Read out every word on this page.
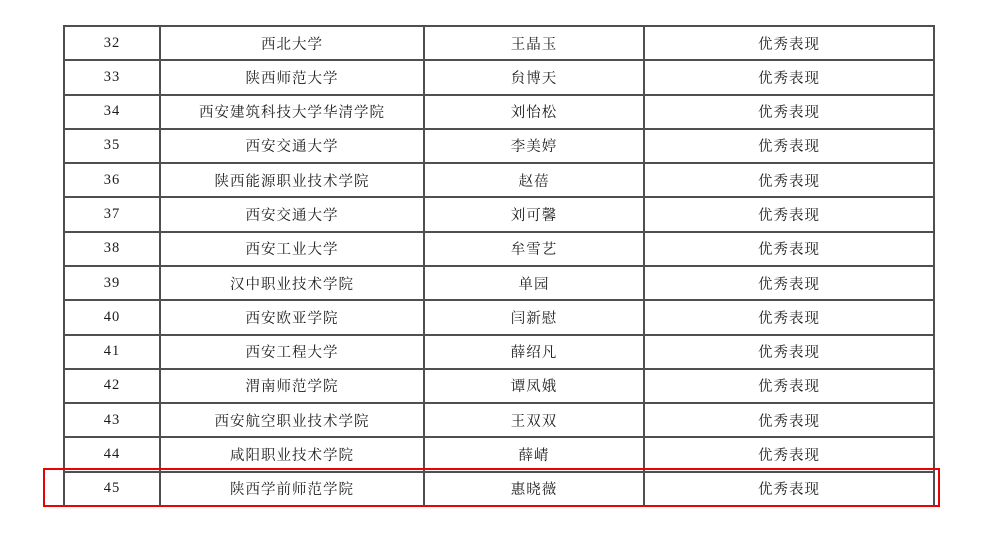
32	西北大学	王晶玉	优秀表现
33	陕西师范大学	贠博天	优秀表现
34	西安建筑科技大学华清学院	刘怡松	优秀表现
35	西安交通大学	李美婷	优秀表现
36	陕西能源职业技术学院	赵蓓	优秀表现
37	西安交通大学	刘可馨	优秀表现
38	西安工业大学	牟雪艺	优秀表现
39	汉中职业技术学院	单园	优秀表现
40	西安欧亚学院	闫新慰	优秀表现
41	西安工程大学	薛绍凡	优秀表现
42	渭南师范学院	谭凤娥	优秀表现
43	西安航空职业技术学院	王双双	优秀表现
44	咸阳职业技术学院	薛崝	优秀表现
45	陕西学前师范学院	惠晓薇	优秀表现
